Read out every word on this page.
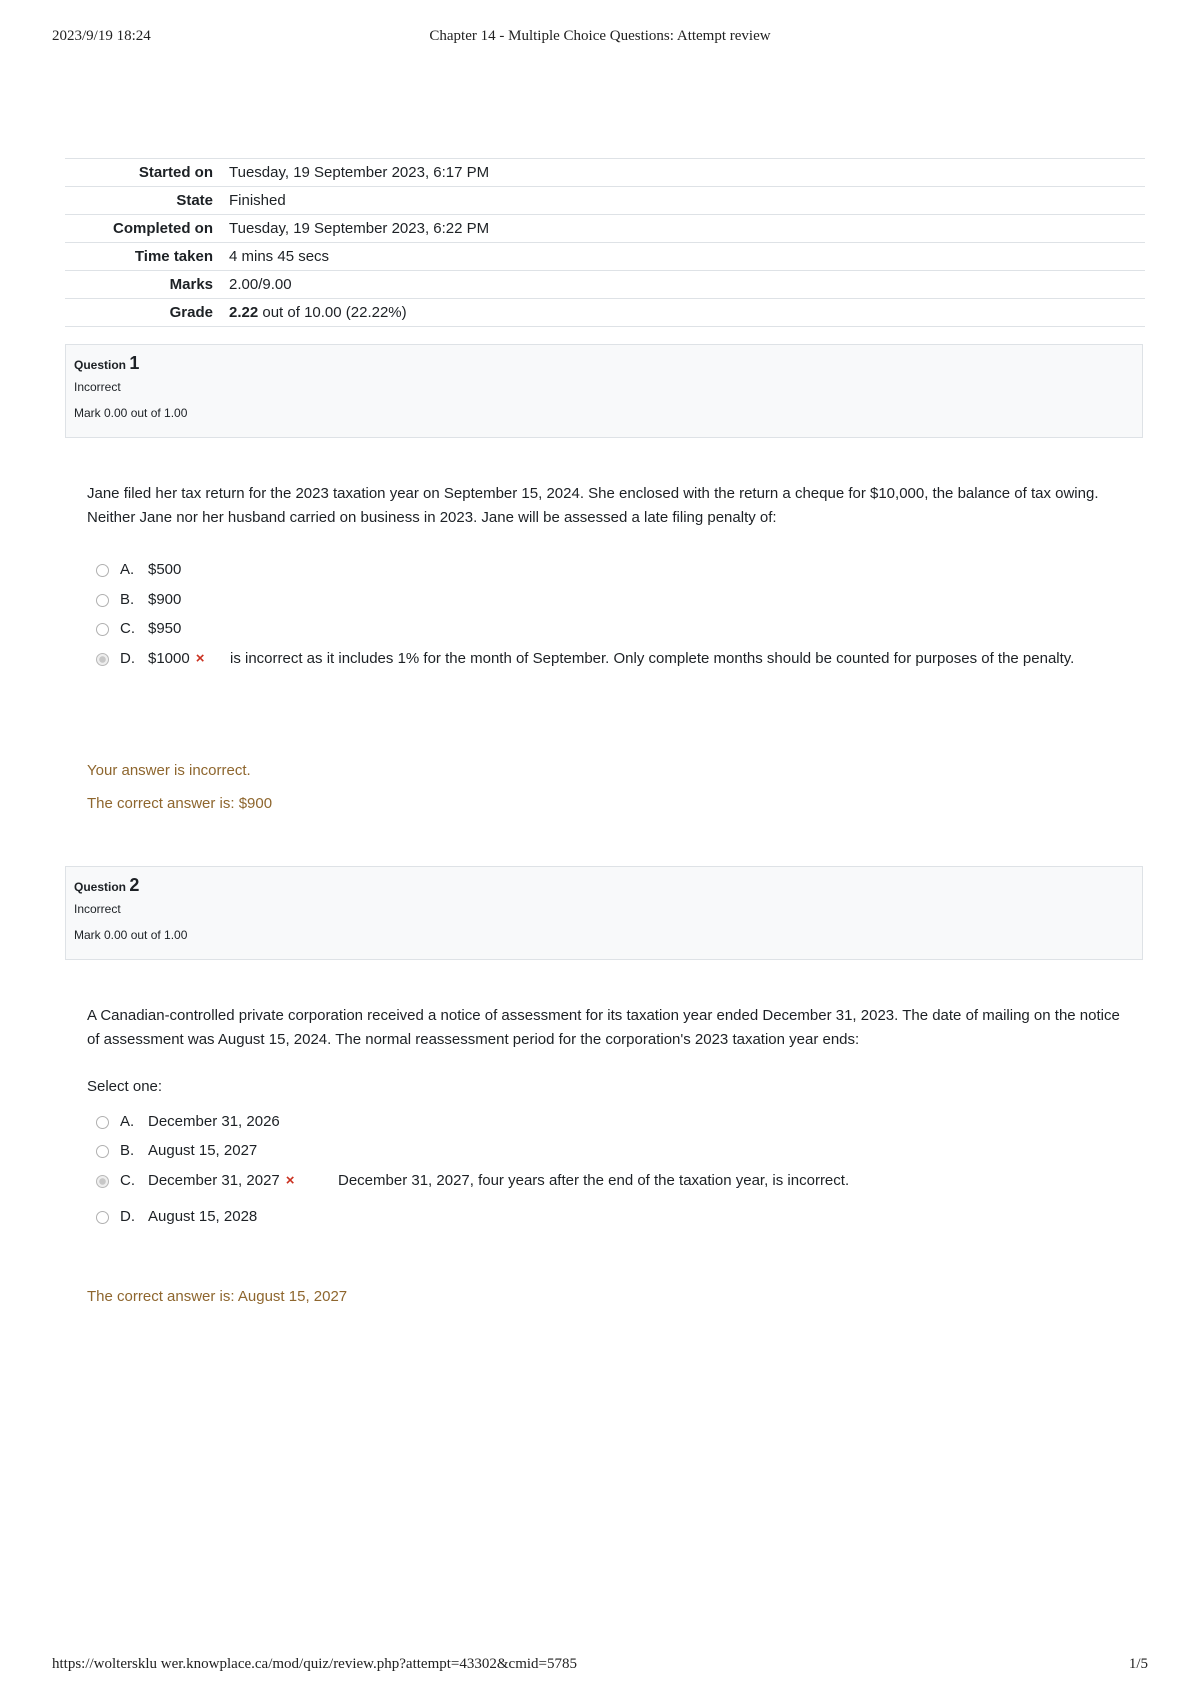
2023/9/19 18:24	Chapter 14 - Multiple Choice Questions: Attempt review
Started on	Tuesday, 19 September 2023, 6:17 PM
State	Finished
Completed on	Tuesday, 19 September 2023, 6:22 PM
Time taken	4 mins 45 secs
Marks	2.00/9.00
Grade	2.22 out of 10.00 (22.22%)
Question 1
Incorrect
Mark 0.00 out of 1.00
Jane filed her tax return for the 2023 taxation year on September 15, 2024. She enclosed with the return a cheque for $10,000, the balance of tax owing. Neither Jane nor her husband carried on business in 2023. Jane will be assessed a late filing penalty of:
A. $500
B. $900
C. $950
D. $1000 × is incorrect as it includes 1% for the month of September. Only complete months should be counted for purposes of the penalty.
Your answer is incorrect.
The correct answer is: $900
Question 2
Incorrect
Mark 0.00 out of 1.00
A Canadian-controlled private corporation received a notice of assessment for its taxation year ended December 31, 2023. The date of mailing on the notice of assessment was August 15, 2024. The normal reassessment period for the corporation's 2023 taxation year ends:
Select one:
A. December 31, 2026
B. August 15, 2027
C. December 31, 2027 ×	December 31, 2027, four years after the end of the taxation year, is incorrect.
D. August 15, 2028
The correct answer is: August 15, 2027
https://woltersklu wer.knowplace.ca/mod/quiz/review.php?attempt=43302&cmid=5785	1/5
